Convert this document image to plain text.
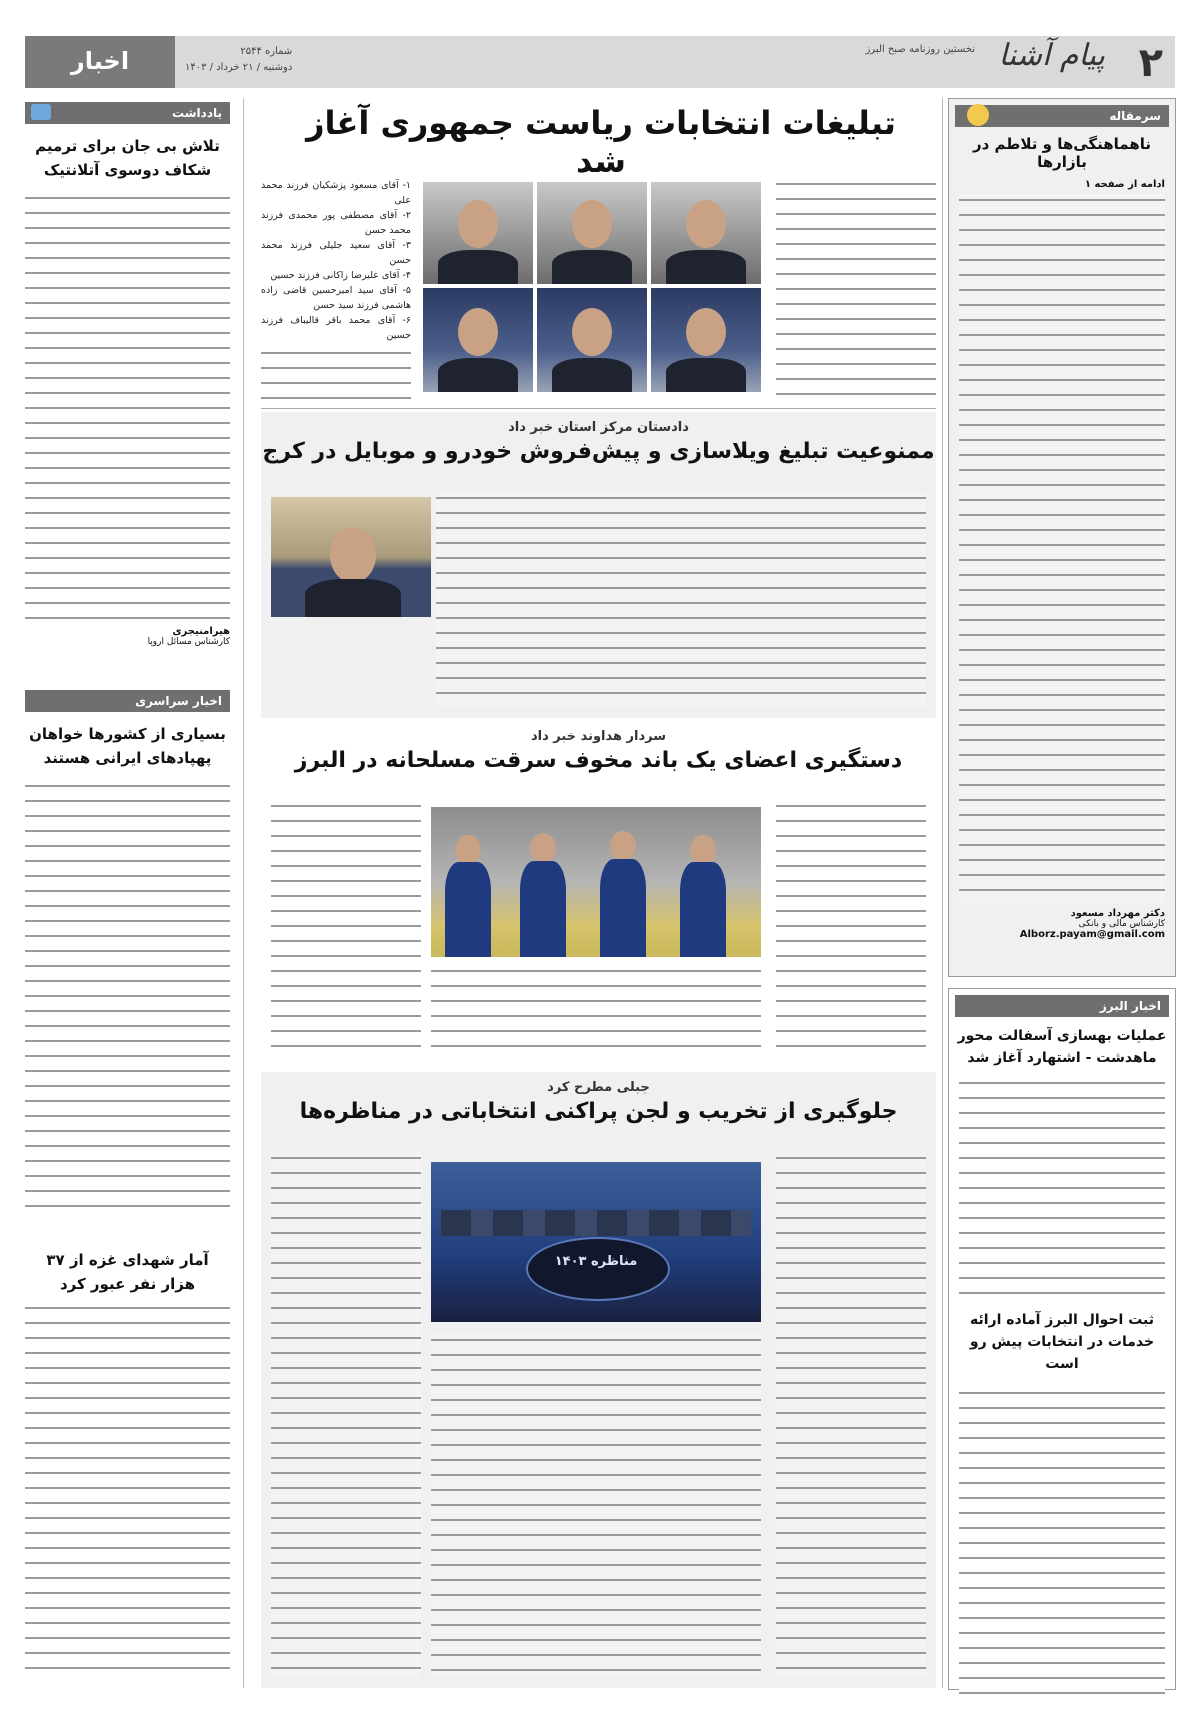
۲
پیام آشنا
نخستین روزنامه صبح البرز
شماره ۲۵۴۴
دوشنبه / ۲۱ خرداد / ۱۴۰۳
اخبار
سرمقاله
ناهماهنگی‌ها و تلاطم در بازارها
ادامه از صفحه ۱
دکتر مهرداد مسعود
کارشناس مالی و بانکی
Alborz.payam@gmail.com
اخبار البرز
عملیات بهسازی آسفالت محور ماهدشت - اشتهارد آغاز شد
ثبت احوال البرز آماده ارائه خدمات در انتخابات پیش رو است
تبلیغات انتخابات ریاست جمهوری آغاز شد
۱- آقای مسعود پزشکیان فرزند محمد علی
۲- آقای مصطفی پور محمدی فرزند محمد حسن
۳- آقای سعید جلیلی فرزند محمد حسن
۴- آقای علیرضا زاکانی فرزند حسین
۵- آقای سید امیرحسین قاضی زاده هاشمی فرزند سید حسن
۶- آقای محمد باقر قالیباف فرزند حسین
دادستان مرکز استان خبر داد
ممنوعیت تبلیغ ویلاسازی و پیش‌فروش خودرو و موبایل در کرج
سردار هداوند خبر داد
دستگیری اعضای یک باند مخوف سرقت مسلحانه در البرز
جبلی مطرح کرد
جلوگیری از تخریب و لجن پراکنی انتخاباتی در مناظره‌ها
مناظره ۱۴۰۳
یادداشت
تلاش بی جان برای ترمیم شکاف دوسوی آتلانتیک
هیرامنیجری
کارشناس مسائل اروپا
اخبار سراسری
بسیاری از کشورها خواهان پهپادهای ایرانی هستند
آمار شهدای غزه از ۳۷ هزار نفر عبور کرد
